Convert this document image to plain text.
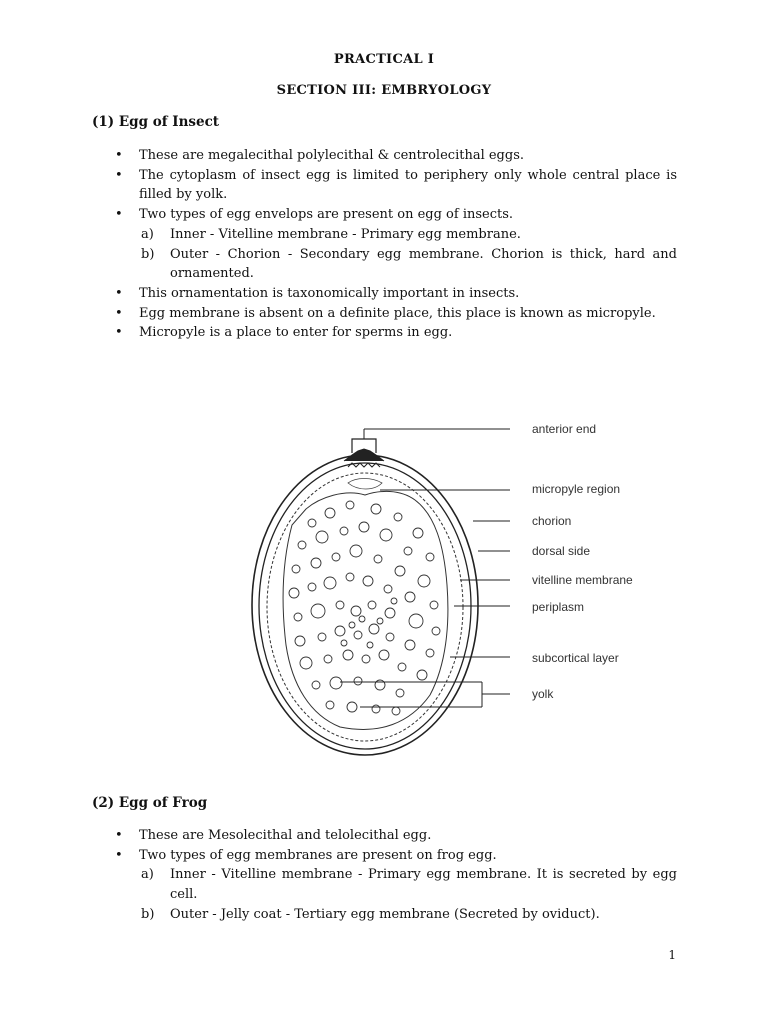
PRACTICAL I
SECTION III: EMBRYOLOGY
(1) Egg of Insect
• These are megalecithal polylecithal & centrolecithal eggs.
• The cytoplasm of insect egg is limited to periphery only whole central place is filled by yolk.
• Two types of egg envelops are present on egg of insects.
a) Inner - Vitelline membrane - Primary egg membrane.
b) Outer - Chorion - Secondary egg membrane. Chorion is thick, hard and ornamented.
• This ornamentation is taxonomically important in insects.
• Egg membrane is absent on a definite place, this place is known as micropyle.
• Micropyle is a place to enter for sperms in egg.
anterior end
micropyle region
chorion
dorsal side
vitelline membrane
periplasm
subcortical layer
yolk
(2) Egg of Frog
• These are Mesolecithal and telolecithal egg.
• Two types of egg membranes are present on frog egg.
a) Inner - Vitelline membrane - Primary egg membrane. It is secreted by egg cell.
b) Outer - Jelly coat - Tertiary egg membrane (Secreted by oviduct).
1
